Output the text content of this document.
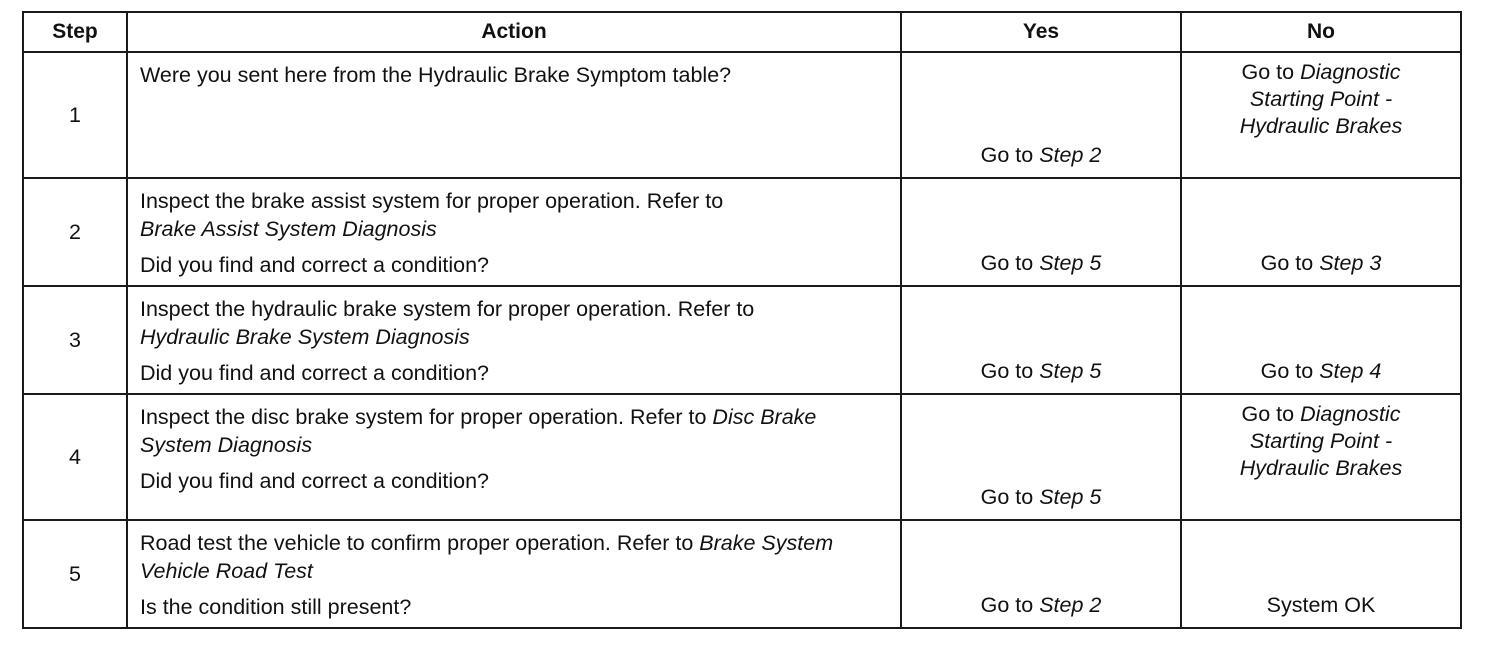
Step	Action	Yes	No
1	Were you sent here from the Hydraulic Brake Symptom table?	Go to Step 2	Go to Diagnostic Starting Point - Hydraulic Brakes

2	Inspect the brake assist system for proper operation. Refer to
Brake Assist System Diagnosis
Did you find and correct a condition?	Go to Step 5	Go to Step 3

3	Inspect the hydraulic brake system for proper operation. Refer to
Hydraulic Brake System Diagnosis
Did you find and correct a condition?	Go to Step 5	Go to Step 4

4	Inspect the disc brake system for proper operation. Refer to Disc Brake System Diagnosis
Did you find and correct a condition?	Go to Step 5	Go to Diagnostic Starting Point - Hydraulic Brakes

5	Road test the vehicle to confirm proper operation. Refer to Brake System Vehicle Road Test
Is the condition still present?	Go to Step 2	System OK
